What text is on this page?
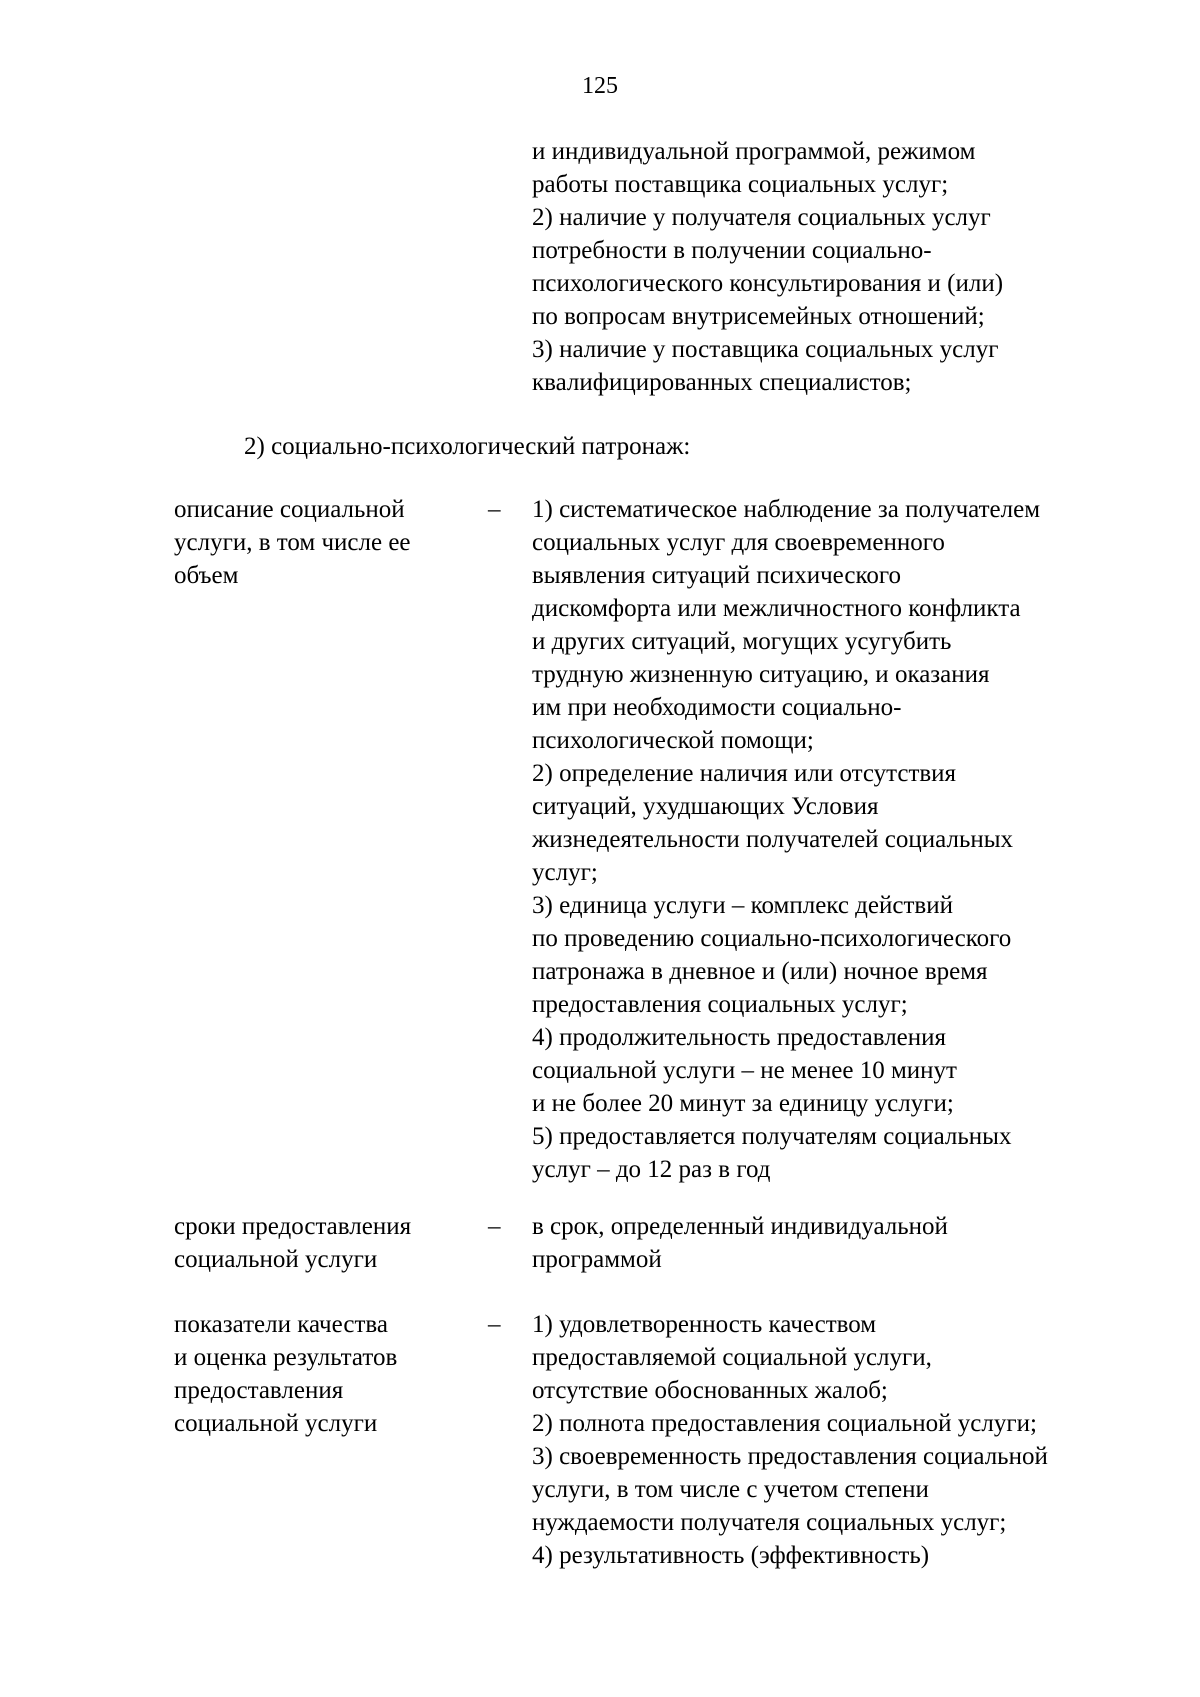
125
и индивидуальной программой, режимом
работы поставщика социальных услуг;
2) наличие у получателя социальных услуг
потребности в получении социально-
психологического консультирования и (или)
по вопросам внутрисемейных отношений;
3) наличие у поставщика социальных услуг
квалифицированных специалистов;
2) социально-психологический патронаж:
описание социальной
услуги, в том числе ее
объем
– 1) систематическое наблюдение за получателем
социальных услуг для своевременного
выявления ситуаций психического
дискомфорта или межличностного конфликта
и других ситуаций, могущих усугубить
трудную жизненную ситуацию, и оказания
им при необходимости социально-
психологической помощи;
2) определение наличия или отсутствия
ситуаций, ухудшающих Условия
жизнедеятельности получателей социальных
услуг;
3) единица услуги – комплекс действий
по проведению социально-психологического
патронажа в дневное и (или) ночное время
предоставления социальных услуг;
4) продолжительность предоставления
социальной услуги – не менее 10 минут
и не более 20 минут за единицу услуги;
5) предоставляется получателям социальных
услуг – до 12 раз в год
сроки предоставления
социальной услуги
– в срок, определенный индивидуальной
программой
показатели качества
и оценка результатов
предоставления
социальной услуги
– 1) удовлетворенность качеством
предоставляемой социальной услуги,
отсутствие обоснованных жалоб;
2) полнота предоставления социальной услуги;
3) своевременность предоставления социальной
услуги, в том числе с учетом степени
нуждаемости получателя социальных услуг;
4) результативность (эффективность)
